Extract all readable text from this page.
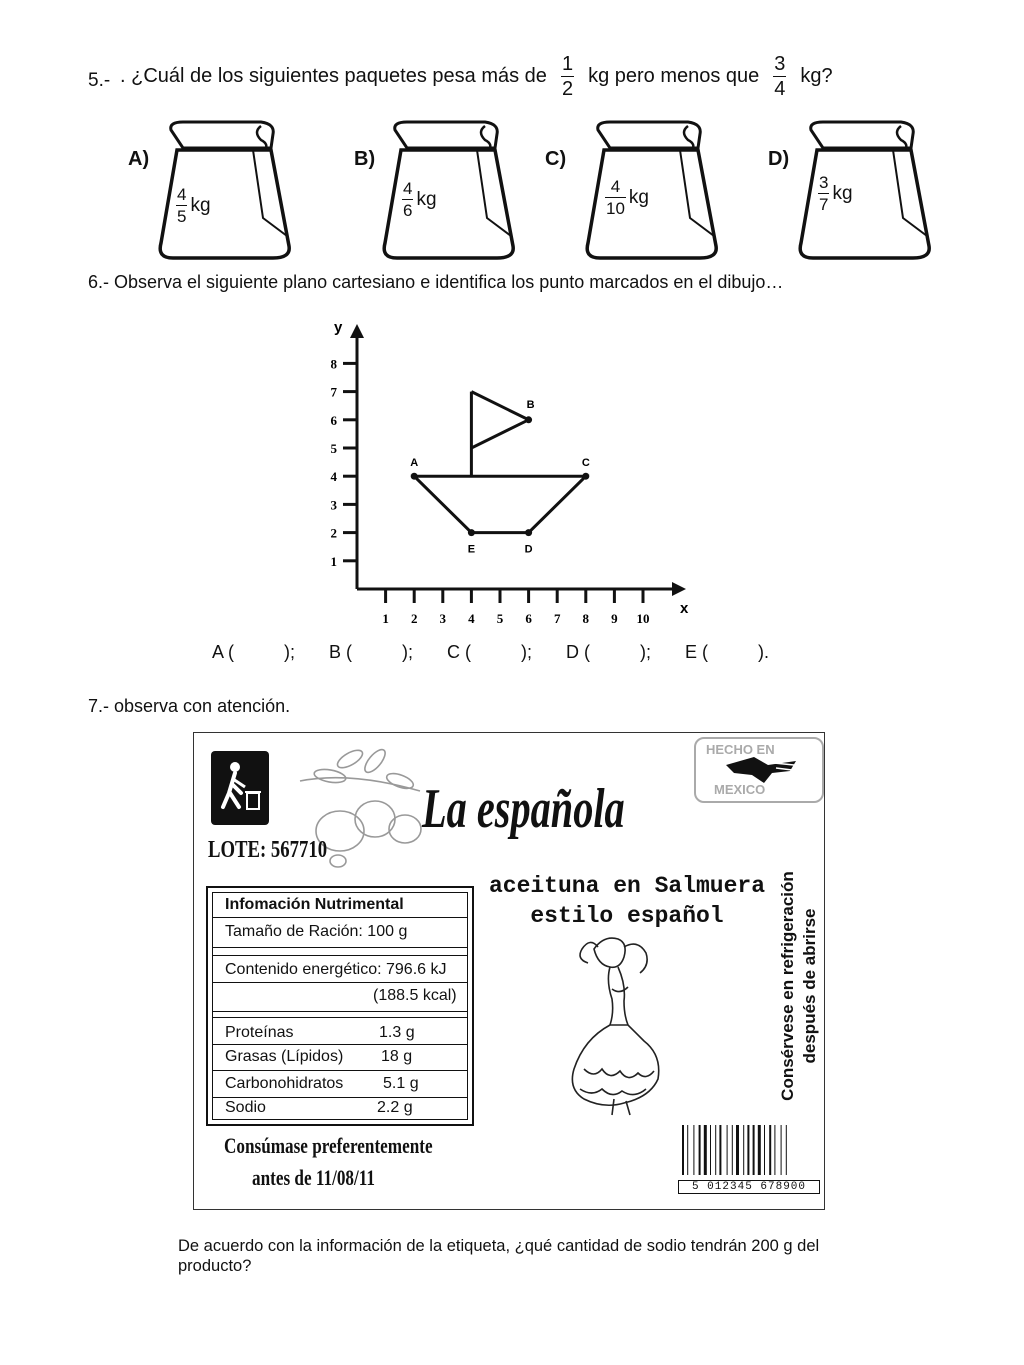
5.- . ¿Cuál de los siguientes paquetes pesa más de $\frac{1}{2}$ kg pero menos que $\frac{3}{4}$ kg?
A)
$\frac{4}{5}$ kg
B)
$\frac{4}{6}$ kg
C)
$\frac{4}{10}$ kg
D)
$\frac{3}{7}$ kg
6.- Observa el siguiente plano cartesiano e identifica los punto marcados en el dibujo…
y
x
1 2 3 4 5 6 7 8 9 10
1
2
3
4
5
6
7
8
A
B
C
D
E
A (          ); B (          ); C (          ); D (          ); E (          ).
7.- observa con atención.
La española
HECHO EN
MEXICO
LOTE: 567710
aceituna en Salmuera
estilo español
Infomación Nutrimental
Tamaño de Ración: 100 g
Contenido energético: 796.6 kJ
(188.5 kcal)
Proteínas	1.3 g
Grasas (Lípidos) 18 g
Carbonohidratos 5.1 g
Sodio	2.2 g
Consérvese en refrigeración después de abrirse
Consúmase preferentemente
antes de 11/08/11	5 012345 678900
De acuerdo con la información de la etiqueta, ¿qué cantidad de sodio tendrán 200 g del producto?
